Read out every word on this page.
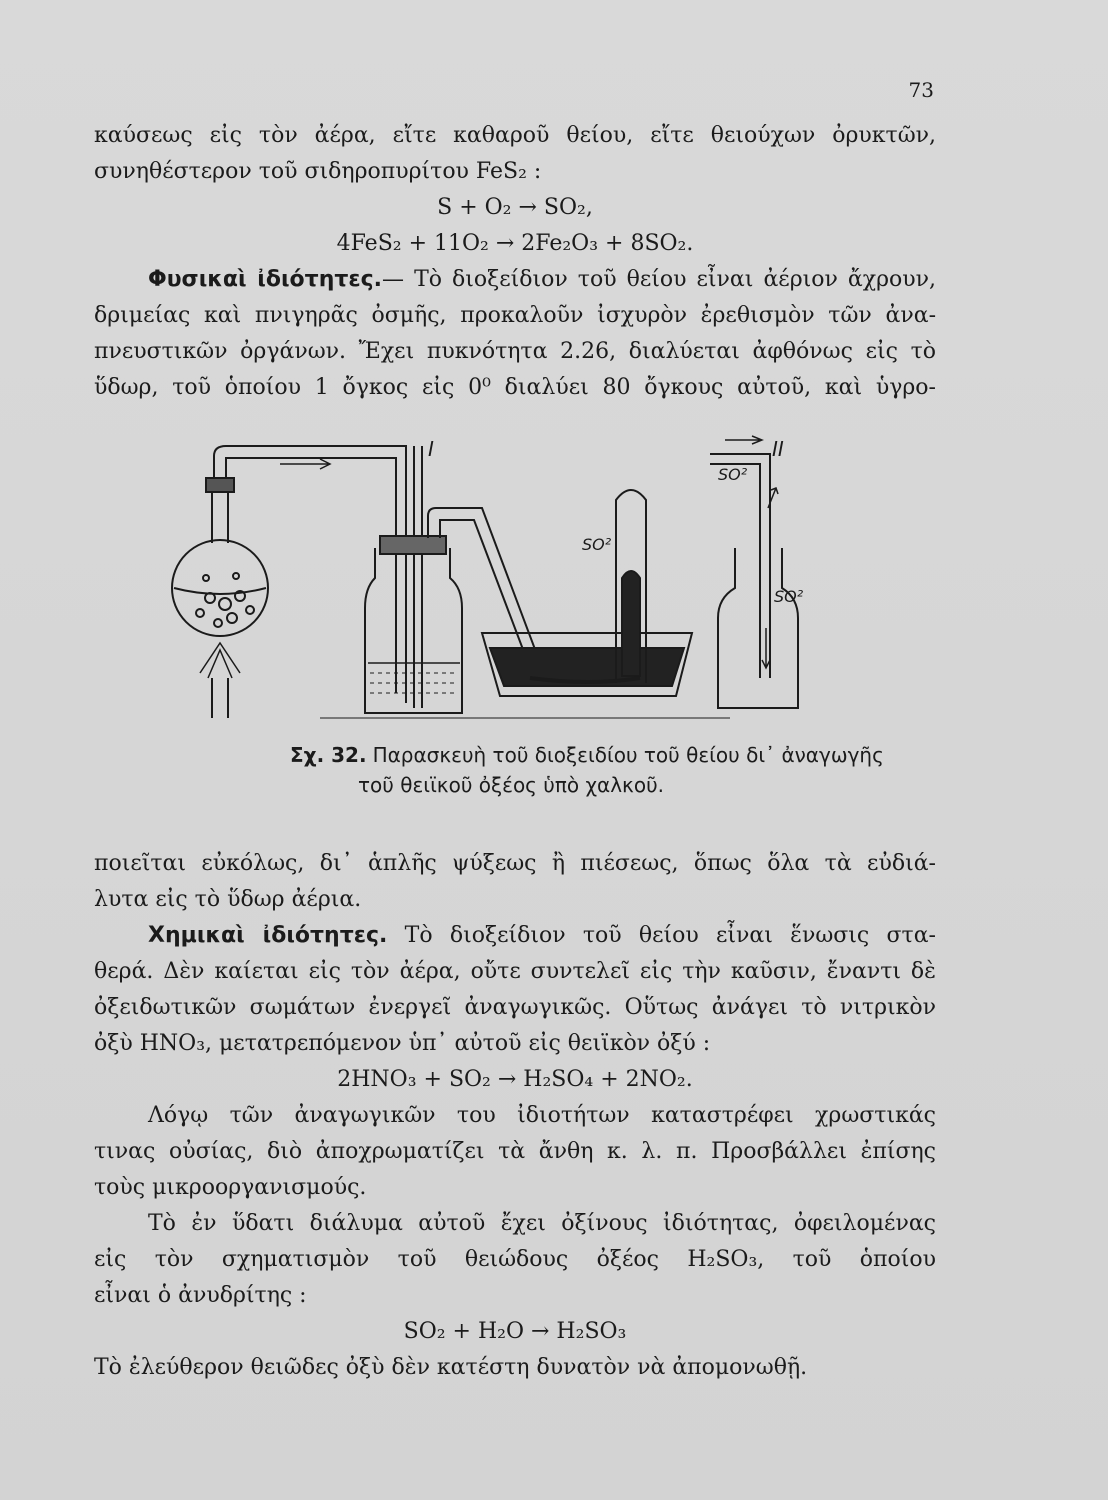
73
καύσεως εἰς τὸν ἀέρα, εἴτε καθαροῦ θείου, εἴτε θειούχων ὀρυκτῶν,
συνηθέστερον τοῦ σιδηροπυρίτου FeS₂ :
S + O₂ → SO₂,
4FeS₂ + 11O₂ → 2Fe₂O₃ + 8SO₂.
Φυσικαὶ ἰδιότητες.— Τὸ διοξείδιον τοῦ θείου εἶναι ἀέριον ἄχρουν,
δριμείας καὶ πνιγηρᾶς ὀσμῆς, προκαλοῦν ἰσχυρὸν ἐρεθισμὸν τῶν ἀνα-
πνευστικῶν ὀργάνων. Ἔχει πυκνότητα 2.26, διαλύεται ἀφθόνως εἰς τὸ
ὕδωρ, τοῦ ὁποίου 1 ὄγκος εἰς 0⁰ διαλύει 80 ὄγκους αὐτοῦ, καὶ ὑγρο-
I	II
SO²
SO²
SO²
Σχ. 32. Παρασκευὴ τοῦ διοξειδίου τοῦ θείου δι᾽ ἀναγωγῆς
τοῦ θειϊκοῦ ὀξέος ὑπὸ χαλκοῦ.
ποιεῖται εὐκόλως, δι᾽ ἁπλῆς ψύξεως ἢ πιέσεως, ὅπως ὅλα τὰ εὐδιά-
λυτα εἰς τὸ ὕδωρ ἀέρια.
Χημικαὶ ἰδιότητες. Τὸ διοξείδιον τοῦ θείου εἶναι ἕνωσις στα-
θερά. Δὲν καίεται εἰς τὸν ἀέρα, οὔτε συντελεῖ εἰς τὴν καῦσιν, ἔναντι δὲ
ὀξειδωτικῶν σωμάτων ἐνεργεῖ ἀναγωγικῶς. Οὕτως ἀνάγει τὸ νιτρικὸν
ὀξὺ HNO₃, μετατρεπόμενον ὑπ᾽ αὐτοῦ εἰς θειϊκὸν ὀξύ :
2HNO₃ + SO₂ → H₂SO₄ + 2NO₂.
Λόγῳ τῶν ἀναγωγικῶν του ἰδιοτήτων καταστρέφει χρωστικάς
τινας οὐσίας, διὸ ἀποχρωματίζει τὰ ἄνθη κ. λ. π. Προσβάλλει ἐπίσης
τοὺς μικροοργανισμούς.
Τὸ ἐν ὕδατι διάλυμα αὐτοῦ ἔχει ὀξίνους ἰδιότητας, ὀφειλομένας
εἰς τὸν σχηματισμὸν τοῦ θειώδους ὀξέος H₂SO₃, τοῦ ὁποίου
εἶναι ὁ ἀνυδρίτης :
SO₂ + H₂O → H₂SO₃
Τὸ ἐλεύθερον θειῶδες ὀξὺ δὲν κατέστη δυνατὸν νὰ ἀπομονωθῇ.
